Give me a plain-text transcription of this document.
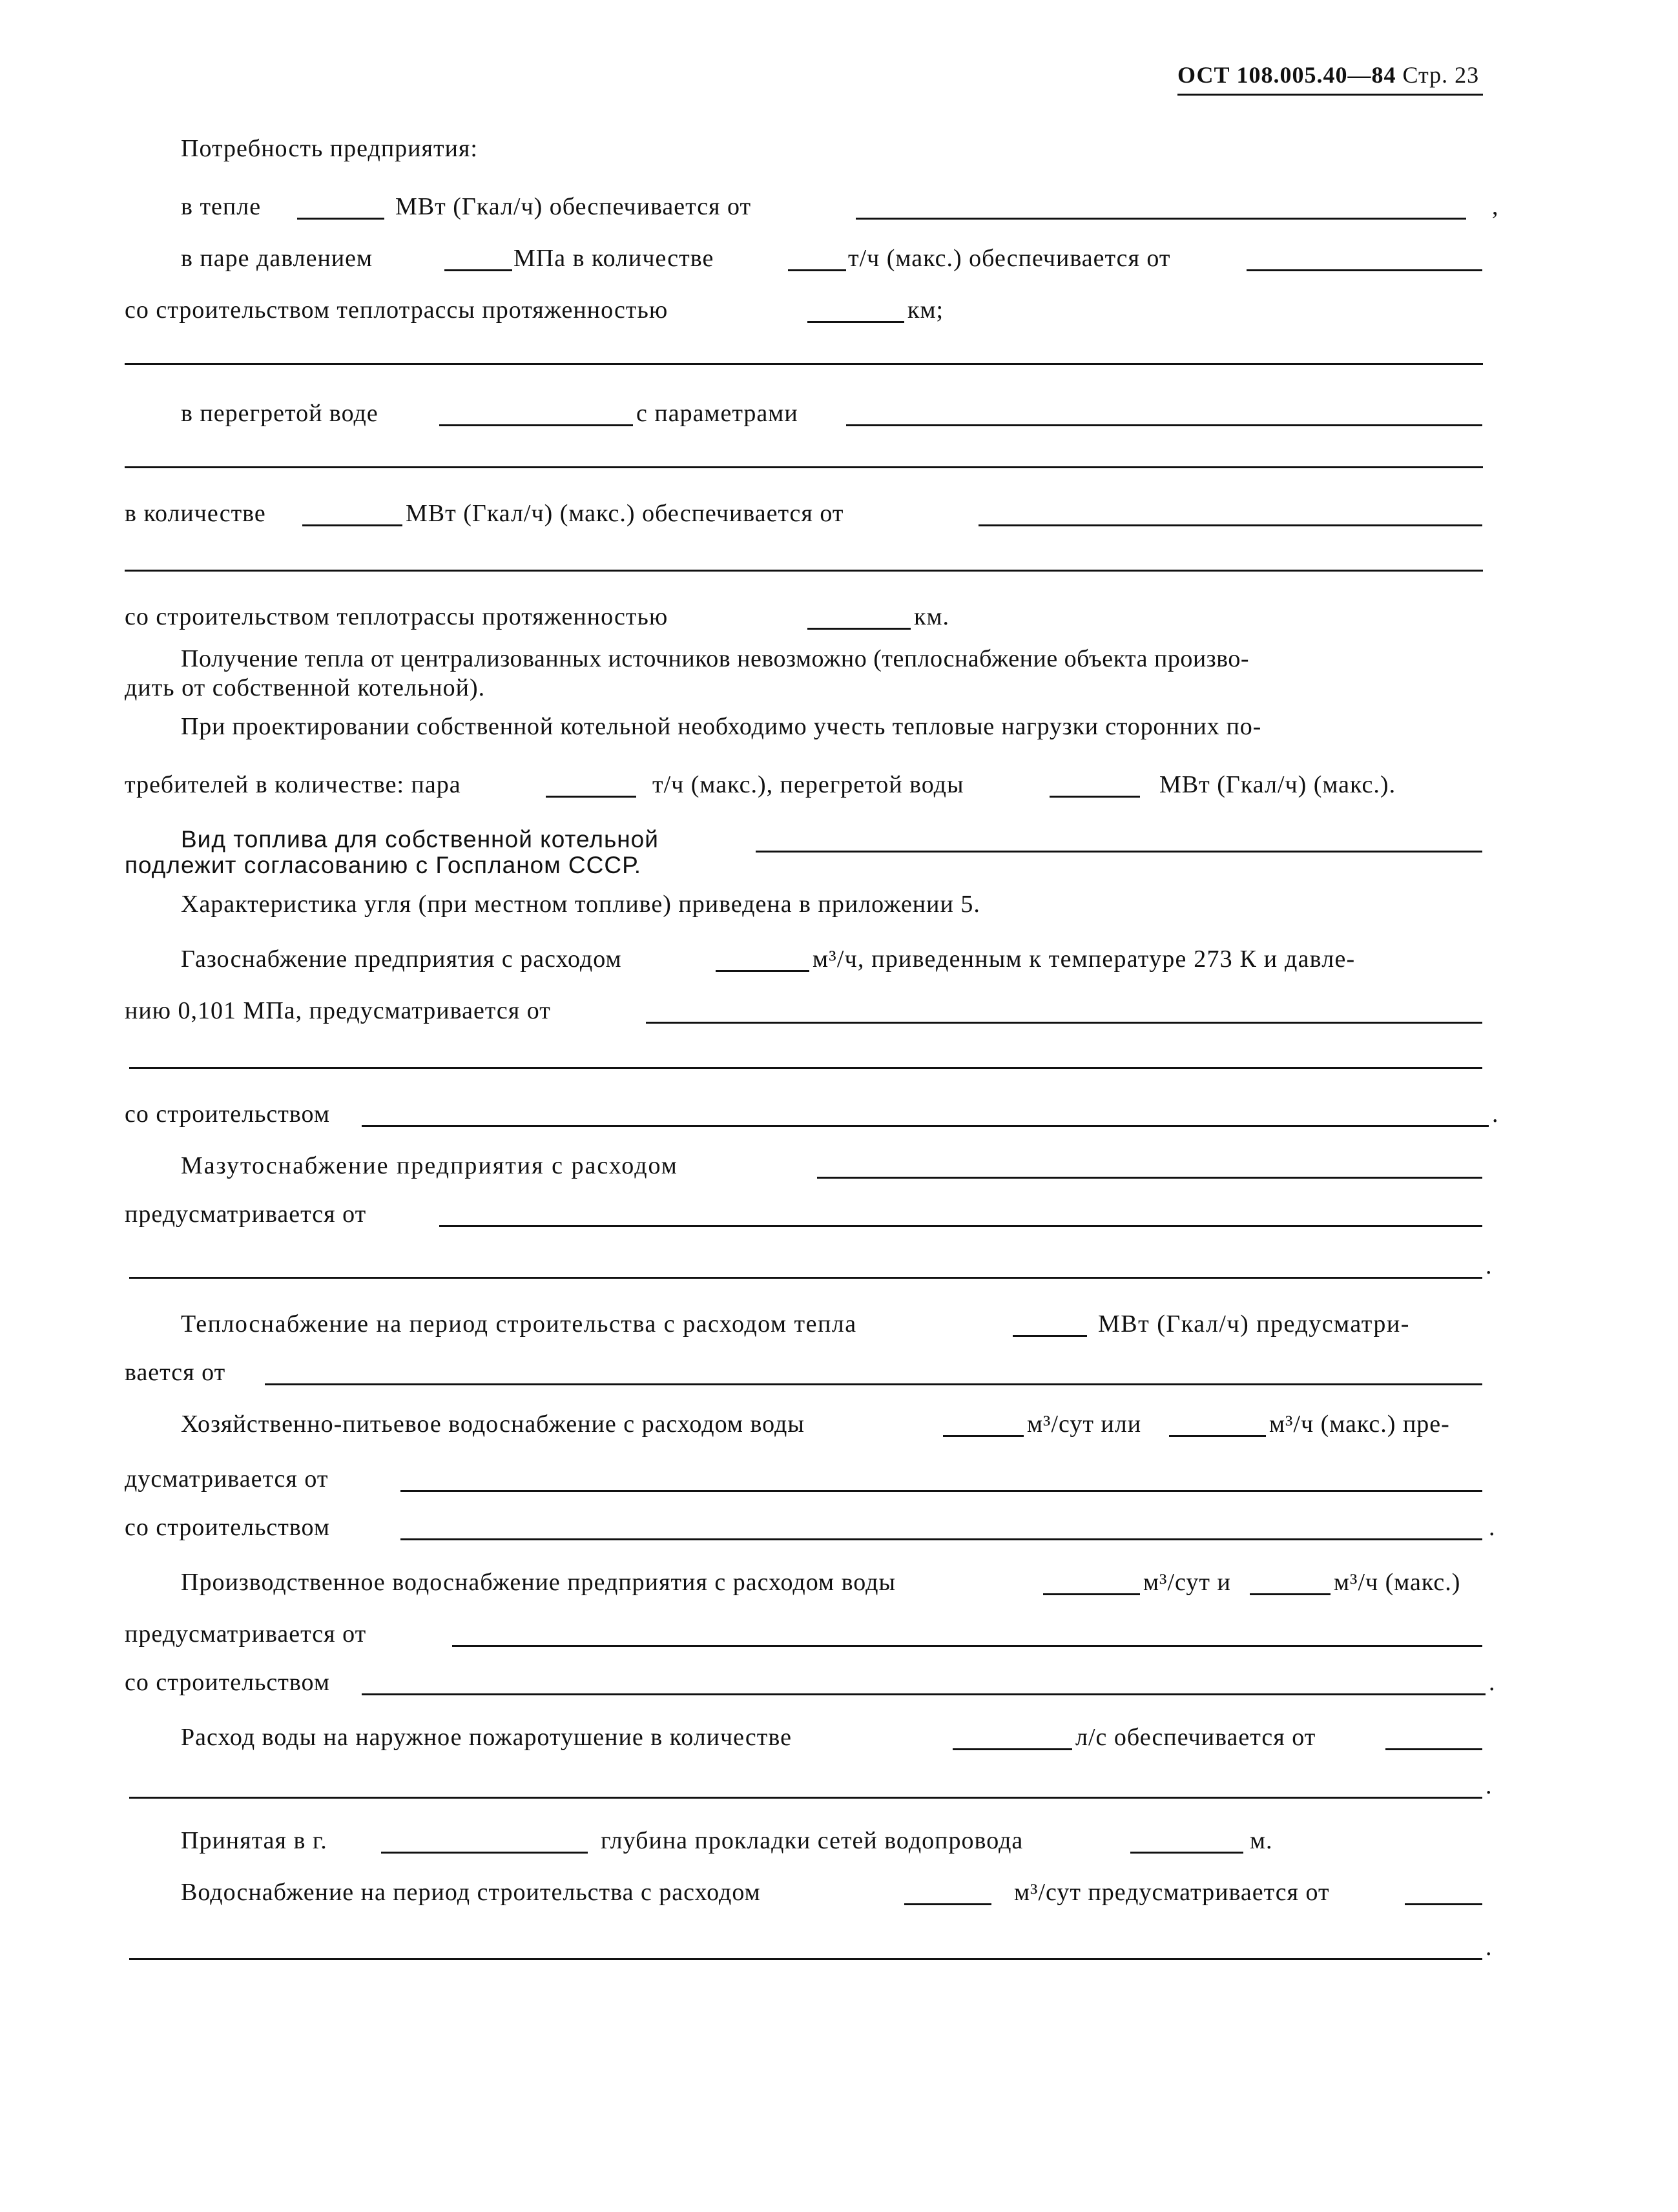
ОСТ 108.005.40—84 Стр. 23
Потребность предприятия:
в тепле	МВт (Гкал/ч) обеспечивается от	,
в паре давлением	МПа в количестве	т/ч (макс.) обеспечивается от
со строительством теплотрассы протяженностью	км;
в перегретой воде	с параметрами
в количестве	МВт (Гкал/ч) (макс.) обеспечивается от
со строительством теплотрассы протяженностью	км.
Получение тепла от централизованных источников невозможно (теплоснабжение объекта произво-
дить от собственной котельной).
При проектировании собственной котельной необходимо учесть тепловые нагрузки сторонних по-
требителей в количестве: пара	т/ч (макс.), перегретой воды	МВт (Гкал/ч) (макс.).
Вид топлива для собственной котельной
подлежит согласованию с Госпланом СССР.
Характеристика угля (при местном топливе) приведена в приложении 5.
Газоснабжение предприятия с расходом	м³/ч, приведенным к температуре 273 К и давле-
нию 0,101 МПа, предусматривается от
со строительством	.
Мазутоснабжение предприятия с расходом
предусматривается от
.
Теплоснабжение на период строительства с расходом тепла	МВт (Гкал/ч) предусматри-
вается от
Хозяйственно-питьевое водоснабжение с расходом воды	м³/сут или	м³/ч (макс.) пре-
дусматривается от
со строительством	.
Производственное водоснабжение предприятия с расходом воды	м³/сут и	м³/ч (макс.)
предусматривается от
со строительством	.
Расход воды на наружное пожаротушение в количестве	л/с обеспечивается от
.
Принятая в г.	глубина прокладки сетей водопровода	м.
Водоснабжение на период строительства с расходом	м³/сут предусматривается от
.
